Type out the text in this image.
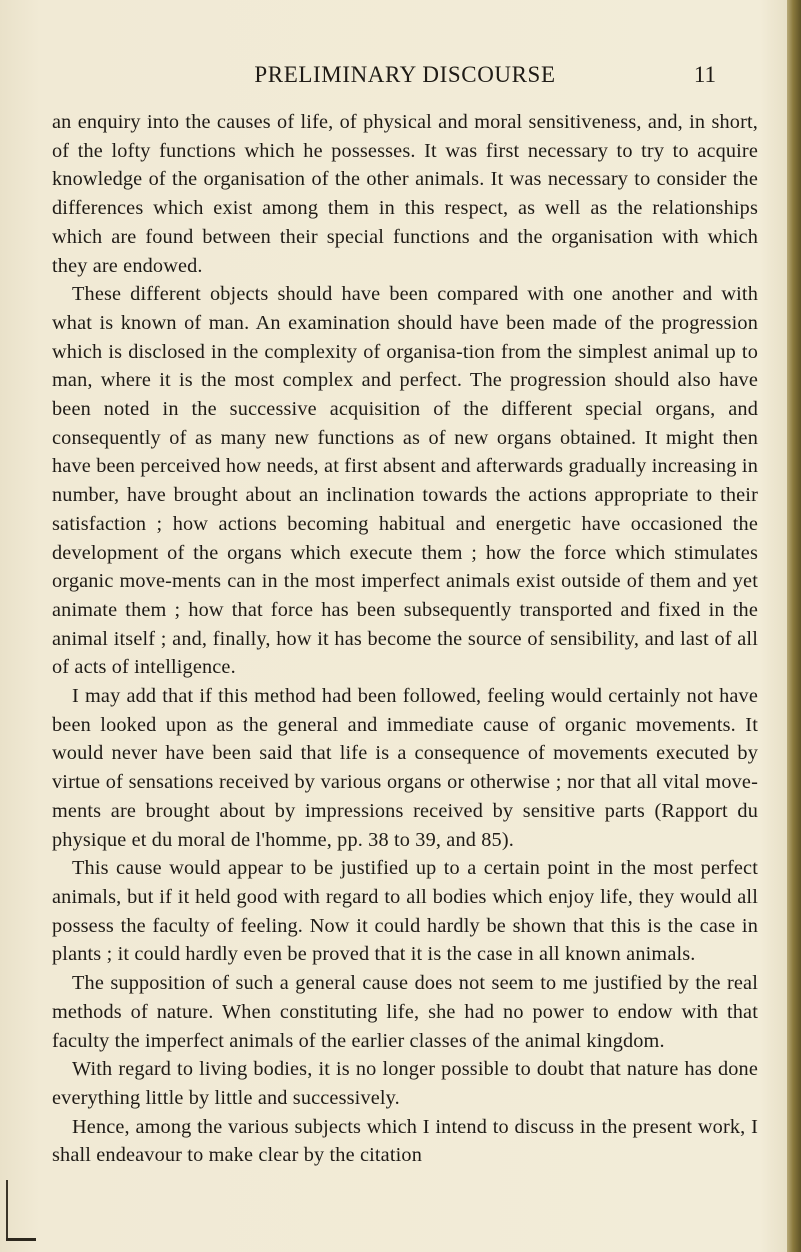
PRELIMINARY DISCOURSE	11

an enquiry into the causes of life, of physical and moral sensitiveness, and, in short, of the lofty functions which he possesses. It was first necessary to try to acquire knowledge of the organisation of the other animals. It was necessary to consider the differences which exist among them in this respect, as well as the relationships which are found between their special functions and the organisation with which they are endowed.

These different objects should have been compared with one another and with what is known of man. An examination should have been made of the progression which is disclosed in the complexity of organisa-tion from the simplest animal up to man, where it is the most complex and perfect. The progression should also have been noted in the successive acquisition of the different special organs, and consequently of as many new functions as of new organs obtained. It might then have been perceived how needs, at first absent and afterwards gradually increasing in number, have brought about an inclination towards the actions appropriate to their satisfaction ; how actions becoming habitual and energetic have occasioned the development of the organs which execute them ; how the force which stimulates organic move-ments can in the most imperfect animals exist outside of them and yet animate them ; how that force has been subsequently transported and fixed in the animal itself ; and, finally, how it has become the source of sensibility, and last of all of acts of intelligence.

I may add that if this method had been followed, feeling would certainly not have been looked upon as the general and immediate cause of organic movements. It would never have been said that life is a consequence of movements executed by virtue of sensations received by various organs or otherwise ; nor that all vital move-ments are brought about by impressions received by sensitive parts (Rapport du physique et du moral de l'homme, pp. 38 to 39, and 85).

This cause would appear to be justified up to a certain point in the most perfect animals, but if it held good with regard to all bodies which enjoy life, they would all possess the faculty of feeling. Now it could hardly be shown that this is the case in plants ; it could hardly even be proved that it is the case in all known animals.

The supposition of such a general cause does not seem to me justified by the real methods of nature. When constituting life, she had no power to endow with that faculty the imperfect animals of the earlier classes of the animal kingdom.

With regard to living bodies, it is no longer possible to doubt that nature has done everything little by little and successively.

Hence, among the various subjects which I intend to discuss in the present work, I shall endeavour to make clear by the citation
